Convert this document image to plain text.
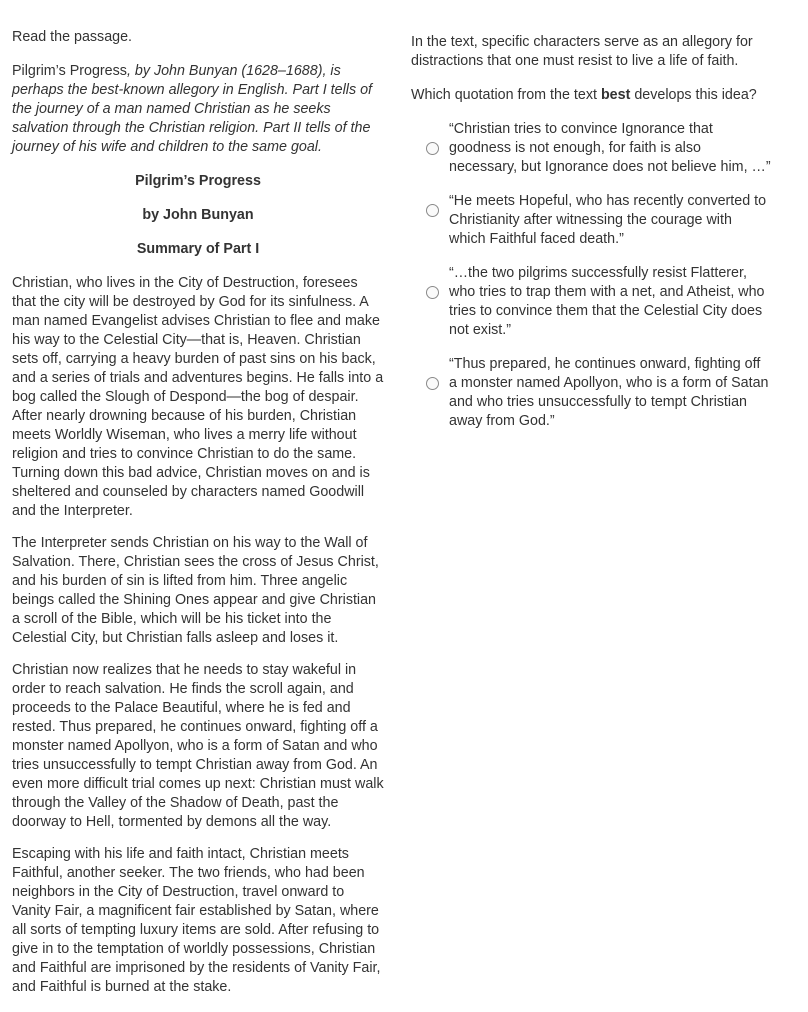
Read the passage.

Pilgrim’s Progress, by John Bunyan (1628–1688), is perhaps the best-known allegory in English. Part I tells of the journey of a man named Christian as he seeks salvation through the Christian religion. Part II tells of the journey of his wife and children to the same goal.

Pilgrim’s Progress

by John Bunyan

Summary of Part I

Christian, who lives in the City of Destruction, foresees that the city will be destroyed by God for its sinfulness. A man named Evangelist advises Christian to flee and make his way to the Celestial City—that is, Heaven. Christian sets off, carrying a heavy burden of past sins on his back, and a series of trials and adventures begins. He falls into a bog called the Slough of Despond—the bog of despair. After nearly drowning because of his burden, Christian meets Worldly Wiseman, who lives a merry life without religion and tries to convince Christian to do the same. Turning down this bad advice, Christian moves on and is sheltered and counseled by characters named Goodwill and the Interpreter.

The Interpreter sends Christian on his way to the Wall of Salvation. There, Christian sees the cross of Jesus Christ, and his burden of sin is lifted from him. Three angelic beings called the Shining Ones appear and give Christian a scroll of the Bible, which will be his ticket into the Celestial City, but Christian falls asleep and loses it.

Christian now realizes that he needs to stay wakeful in order to reach salvation. He finds the scroll again, and proceeds to the Palace Beautiful, where he is fed and rested. Thus prepared, he continues onward, fighting off a monster named Apollyon, who is a form of Satan and who tries unsuccessfully to tempt Christian away from God. An even more difficult trial comes up next: Christian must walk through the Valley of the Shadow of Death, past the doorway to Hell, tormented by demons all the way.

Escaping with his life and faith intact, Christian meets Faithful, another seeker. The two friends, who had been neighbors in the City of Destruction, travel onward to Vanity Fair, a magnificent fair established by Satan, where all sorts of tempting luxury items are sold. After refusing to give in to the temptation of worldly possessions, Christian and Faithful are imprisoned by the residents of Vanity Fair, and Faithful is burned at the stake.

In the text, specific characters serve as an allegory for distractions that one must resist to live a life of faith.

Which quotation from the text best develops this idea?

“Christian tries to convince Ignorance that goodness is not enough, for faith is also necessary, but Ignorance does not believe him, …”
“He meets Hopeful, who has recently converted to Christianity after witnessing the courage with which Faithful faced death.”
“…the two pilgrims successfully resist Flatterer, who tries to trap them with a net, and Atheist, who tries to convince them that the Celestial City does not exist.”
“Thus prepared, he continues onward, fighting off a monster named Apollyon, who is a form of Satan and who tries unsuccessfully to tempt Christian away from God.”
